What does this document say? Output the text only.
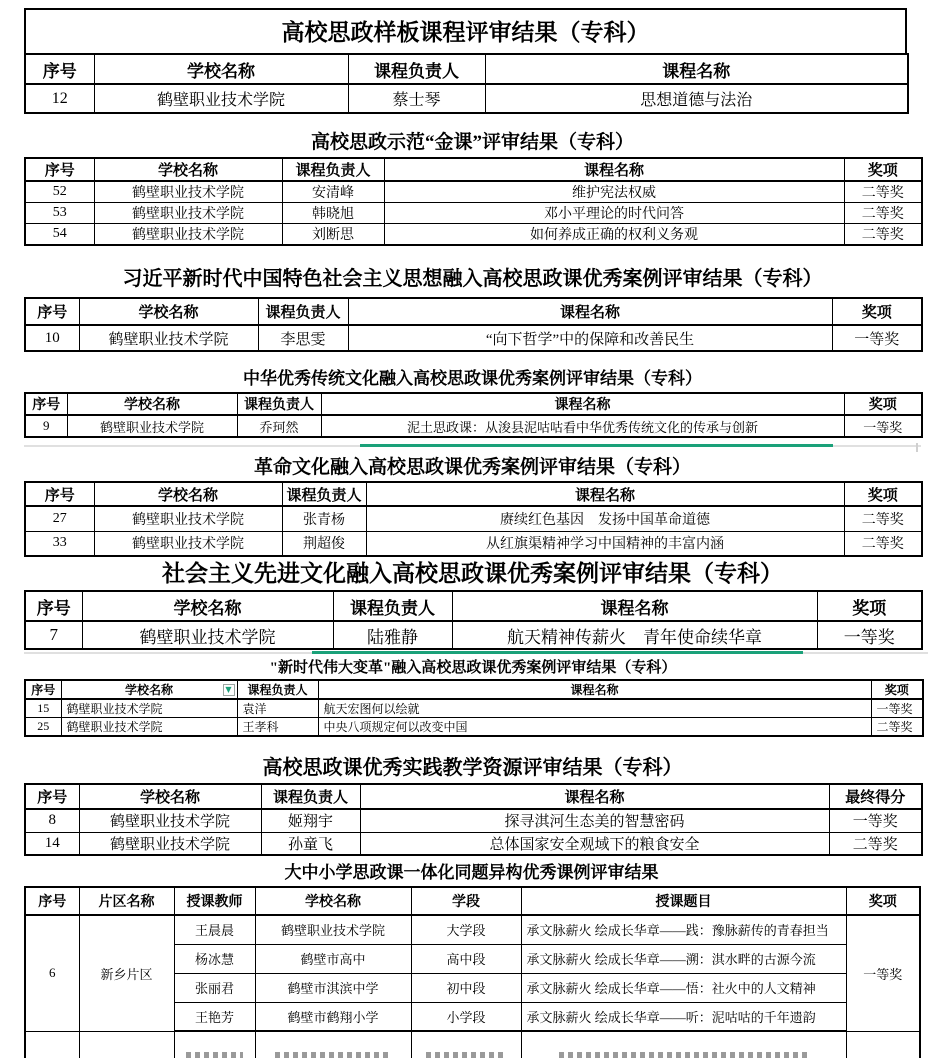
高校思政样板课程评审结果（专科）
序号	学校名称	课程负责人	课程名称
12	鹤壁职业技术学院	蔡士琴	思想道德与法治
高校思政示范“金课”评审结果（专科）
序号	学校名称	课程负责人	课程名称	奖项
52	鹤壁职业技术学院	安清峰	维护宪法权威	二等奖
53	鹤壁职业技术学院	韩晓旭	邓小平理论的时代问答	二等奖
54	鹤壁职业技术学院	刘断思	如何养成正确的权利义务观	二等奖
习近平新时代中国特色社会主义思想融入高校思政课优秀案例评审结果（专科）
序号	学校名称	课程负责人	课程名称	奖项
10	鹤壁职业技术学院	李思雯	“向下哲学”中的保障和改善民生	一等奖
中华优秀传统文化融入高校思政课优秀案例评审结果（专科）
序号	学校名称	课程负责人	课程名称	奖项
9	鹤壁职业技术学院	乔珂然	泥土思政课：从浚县泥咕咕看中华优秀传统文化的传承与创新	一等奖
革命文化融入高校思政课优秀案例评审结果（专科）
序号	学校名称	课程负责人	课程名称	奖项
27	鹤壁职业技术学院	张青杨	赓续红色基因　发扬中国革命道德	二等奖
33	鹤壁职业技术学院	荆超俊	从红旗渠精神学习中国精神的丰富内涵	二等奖
社会主义先进文化融入高校思政课优秀案例评审结果（专科）
序号	学校名称	课程负责人	课程名称	奖项
7	鹤壁职业技术学院	陆雅静	航天精神传薪火　青年使命续华章	一等奖
"新时代伟大变革"融入高校思政课优秀案例评审结果（专科）
序号	学校名称 ▼	课程负责人	课程名称	奖项
15	鹤壁职业技术学院	袁洋	航天宏图何以绘就	一等奖
25	鹤壁职业技术学院	王孝科	中央八项规定何以改变中国	二等奖
高校思政课优秀实践教学资源评审结果（专科）
序号	学校名称	课程负责人	课程名称	最终得分
8	鹤壁职业技术学院	姬翔宇	探寻淇河生态美的智慧密码	一等奖
14	鹤壁职业技术学院	孙童飞	总体国家安全观域下的粮食安全	二等奖
大中小学思政课一体化同题异构优秀课例评审结果
序号	片区名称	授课教师	学校名称	学段	授课题目	奖项
6	新乡片区	王晨晨	鹤壁职业技术学院	大学段	承文脉薪火 绘成长华章——践：豫脉薪传的青春担当	一等奖
		杨冰慧	鹤壁市高中	高中段	承文脉薪火 绘成长华章——溯：淇水畔的古源今流	
		张丽君	鹤壁市淇滨中学	初中段	承文脉薪火 绘成长华章——悟：社火中的人文精神	
		王艳芳	鹤壁市鹤翔小学	小学段	承文脉薪火 绘成长华章——听：泥咕咕的千年遗韵	
